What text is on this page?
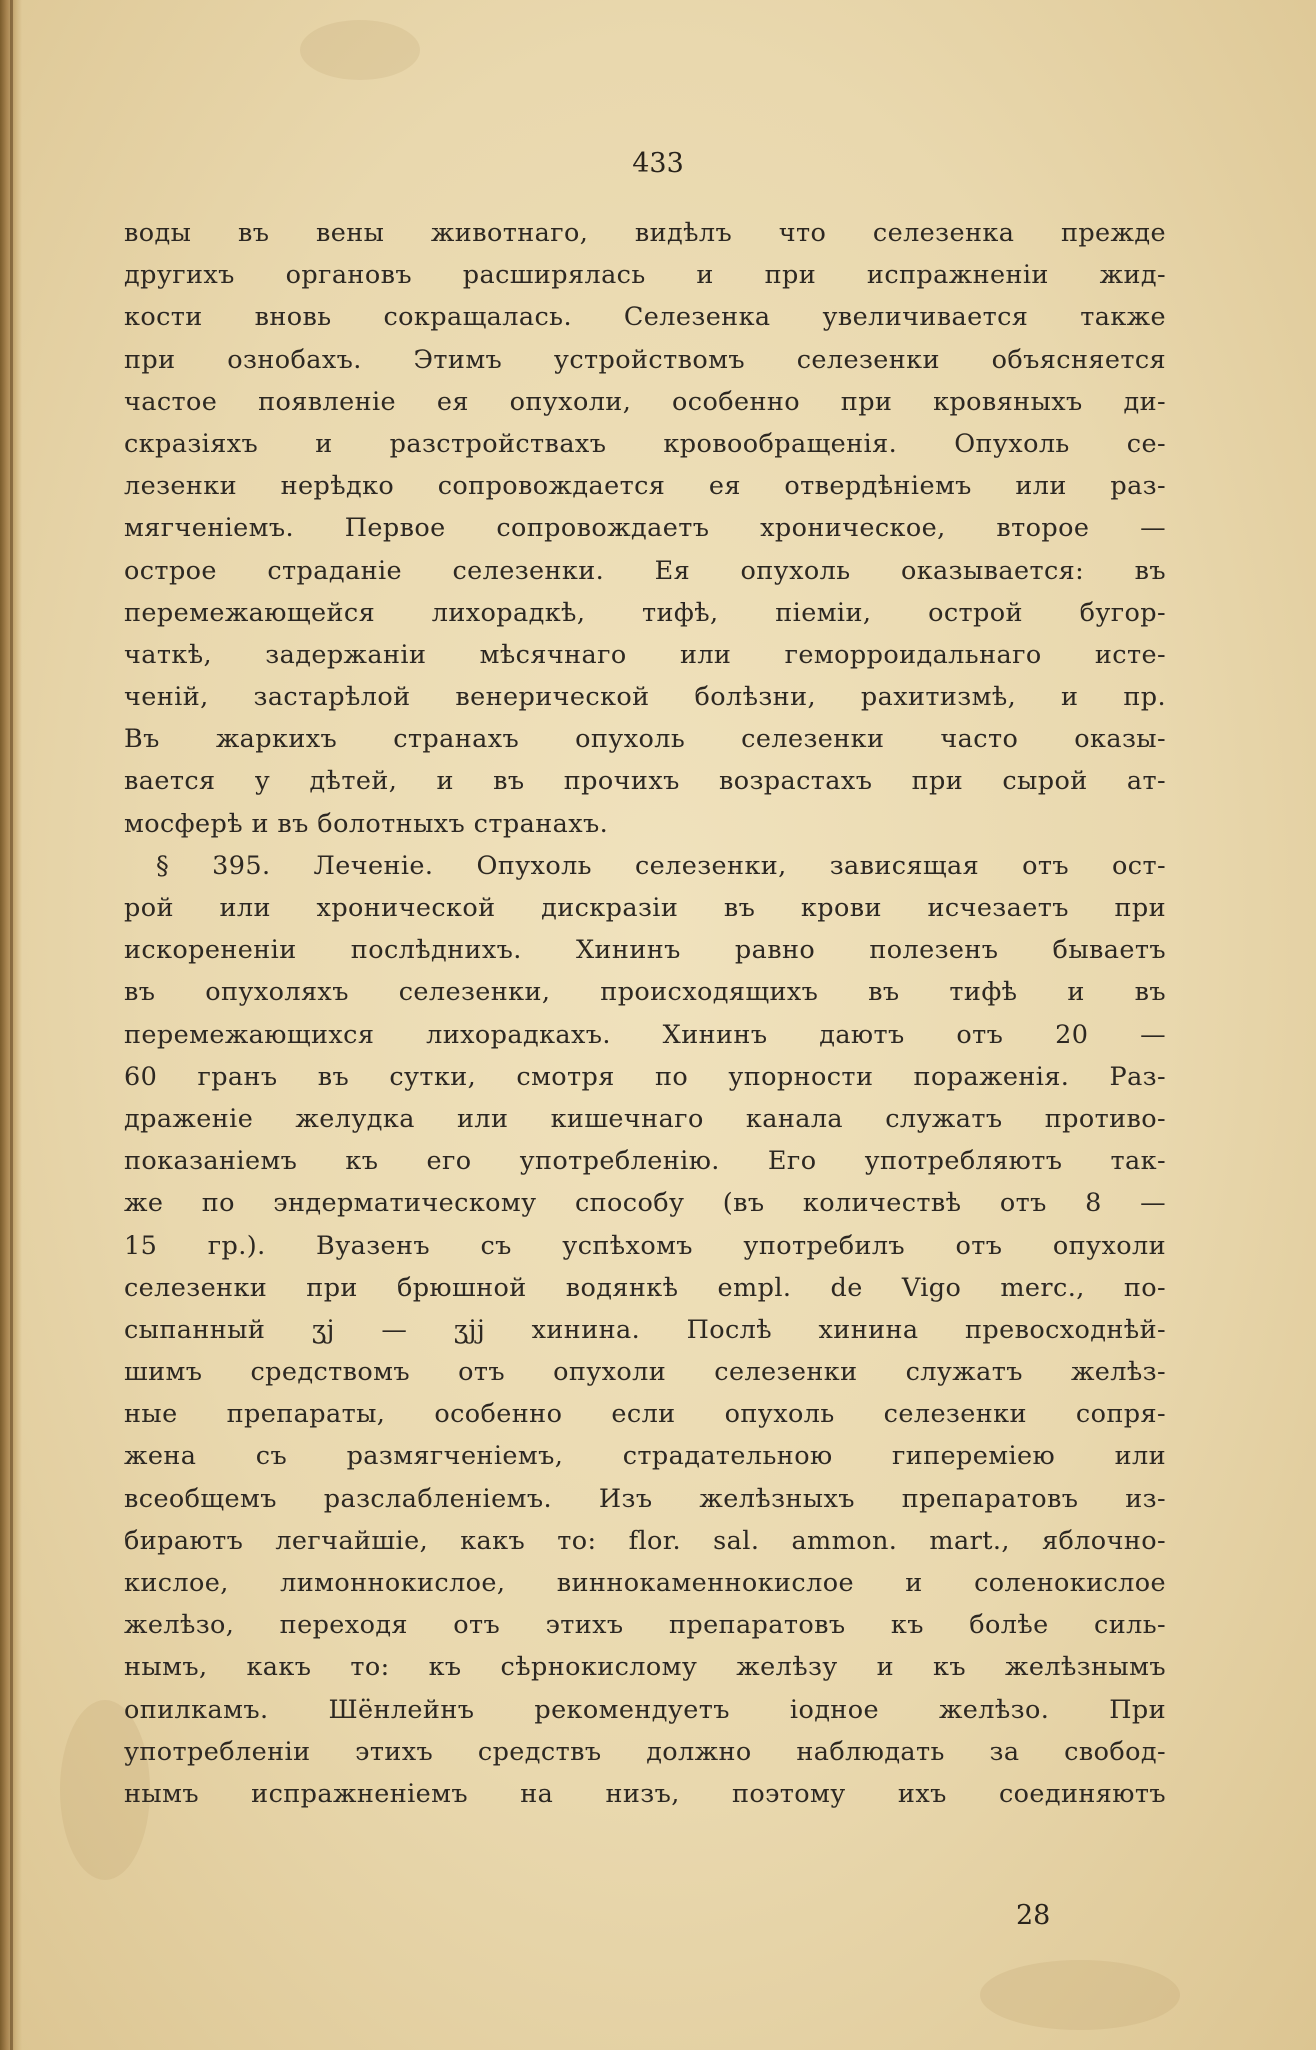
433
воды въ вены животнаго, видѣлъ что селезенка прежде
другихъ органовъ расширялась и при испражненіи жид-
кости вновь сокращалась. Селезенка увеличивается также
при ознобахъ. Этимъ устройствомъ селезенки объясняется
частое появленіе ея опухоли, особенно при кровяныхъ ди-
скразіяхъ и разстройствахъ кровообращенія. Опухоль се-
лезенки нерѣдко сопровождается ея отвердѣніемъ или раз-
мягченіемъ. Первое сопровождаетъ хроническое, второе —
острое страданіе селезенки. Ея опухоль оказывается: въ
перемежающейся лихорадкѣ, тифѣ, піеміи, острой бугор-
чаткѣ, задержаніи мѣсячнаго или геморроидальнаго исте-
ченій, застарѣлой венерической болѣзни, рахитизмѣ, и пр.
Въ жаркихъ странахъ опухоль селезенки часто оказы-
вается у дѣтей, и въ прочихъ возрастахъ при сырой ат-
мосферѣ и въ болотныхъ странахъ.
§ 395. Леченіе. Опухоль селезенки, зависящая отъ ост-
рой или хронической дискразіи въ крови исчезаетъ при
искорененіи послѣднихъ. Хининъ равно полезенъ бываетъ
въ опухоляхъ селезенки, происходящихъ въ тифѣ и въ
перемежающихся лихорадкахъ. Хининъ даютъ отъ 20 —
60 гранъ въ сутки, смотря по упорности пораженія. Раз-
драженіе желудка или кишечнаго канала служатъ противо-
показаніемъ къ его употребленію. Его употребляютъ так-
же по эндерматическому способу (въ количествѣ отъ 8 —
15 гр.). Вуазенъ съ успѣхомъ употребилъ отъ опухоли
селезенки при брюшной водянкѣ empl. de Vigo merc., по-
сыпанный ʒj — ʒjj хинина. Послѣ хинина превосходнѣй-
шимъ средствомъ отъ опухоли селезенки служатъ желѣз-
ные препараты, особенно если опухоль селезенки сопря-
жена съ размягченіемъ, страдательною гипереміею или
всеобщемъ разслабленіемъ. Изъ желѣзныхъ препаратовъ из-
бираютъ легчайшіе, какъ то: flor. sal. ammon. mart., яблочно-
кислое, лимоннокислое, виннокаменнокислое и соленокислое
желѣзо, переходя отъ этихъ препаратовъ къ болѣе силь-
нымъ, какъ то: къ сѣрнокислому желѣзу и къ желѣзнымъ
опилкамъ. Шёнлейнъ рекомендуетъ іодное желѣзо. При
употребленіи этихъ средствъ должно наблюдать за свобод-
нымъ испражненіемъ на низъ, поэтому ихъ соединяютъ
28
